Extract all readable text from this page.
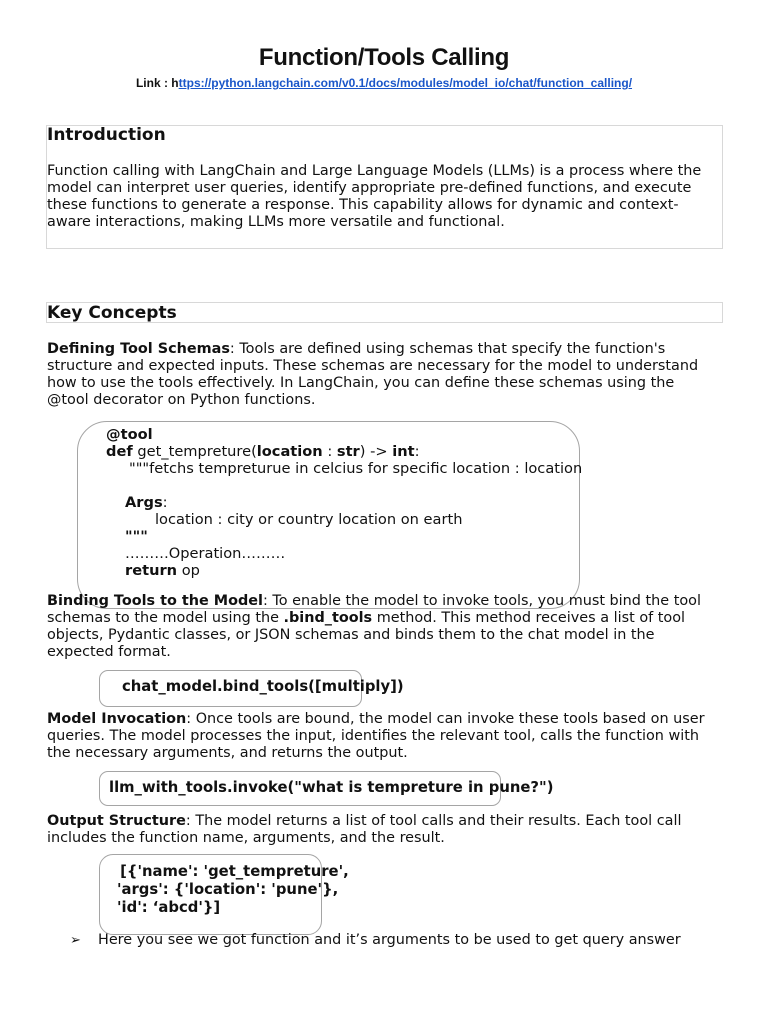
Function/Tools Calling
Link : https://python.langchain.com/v0.1/docs/modules/model_io/chat/function_calling/
Introduction

Function calling with LangChain and Large Language Models (LLMs) is a process where the model can interpret user queries, identify appropriate pre-defined functions, and execute these functions to generate a response. This capability allows for dynamic and context-aware interactions, making LLMs more versatile and functional.

Key Concepts

Defining Tool Schemas: Tools are defined using schemas that specify the function's structure and expected inputs. These schemas are necessary for the model to understand how to use the tools effectively. In LangChain, you can define these schemas using the @tool decorator on Python functions.

@tool
def get_tempreture(location : str) -> int:
"""fetchs tempreturue in celcius for specific location : location
Args:
location : city or country location on earth
"""
………Operation………
return op

Binding Tools to the Model: To enable the model to invoke tools, you must bind the tool schemas to the model using the .bind_tools method. This method receives a list of tool objects, Pydantic classes, or JSON schemas and binds them to the chat model in the expected format.

chat_model.bind_tools([multiply])

Model Invocation: Once tools are bound, the model can invoke these tools based on user queries. The model processes the input, identifies the relevant tool, calls the function with the necessary arguments, and returns the output.

llm_with_tools.invoke("what is tempreture in pune?")

Output Structure: The model returns a list of tool calls and their results. Each tool call includes the function name, arguments, and the result.

[{'name': 'get_tempreture',
'args': {'location': 'pune'},
'id': ‘abcd'}]
➢	Here you see we got function and it’s arguments to be used to get query answer
